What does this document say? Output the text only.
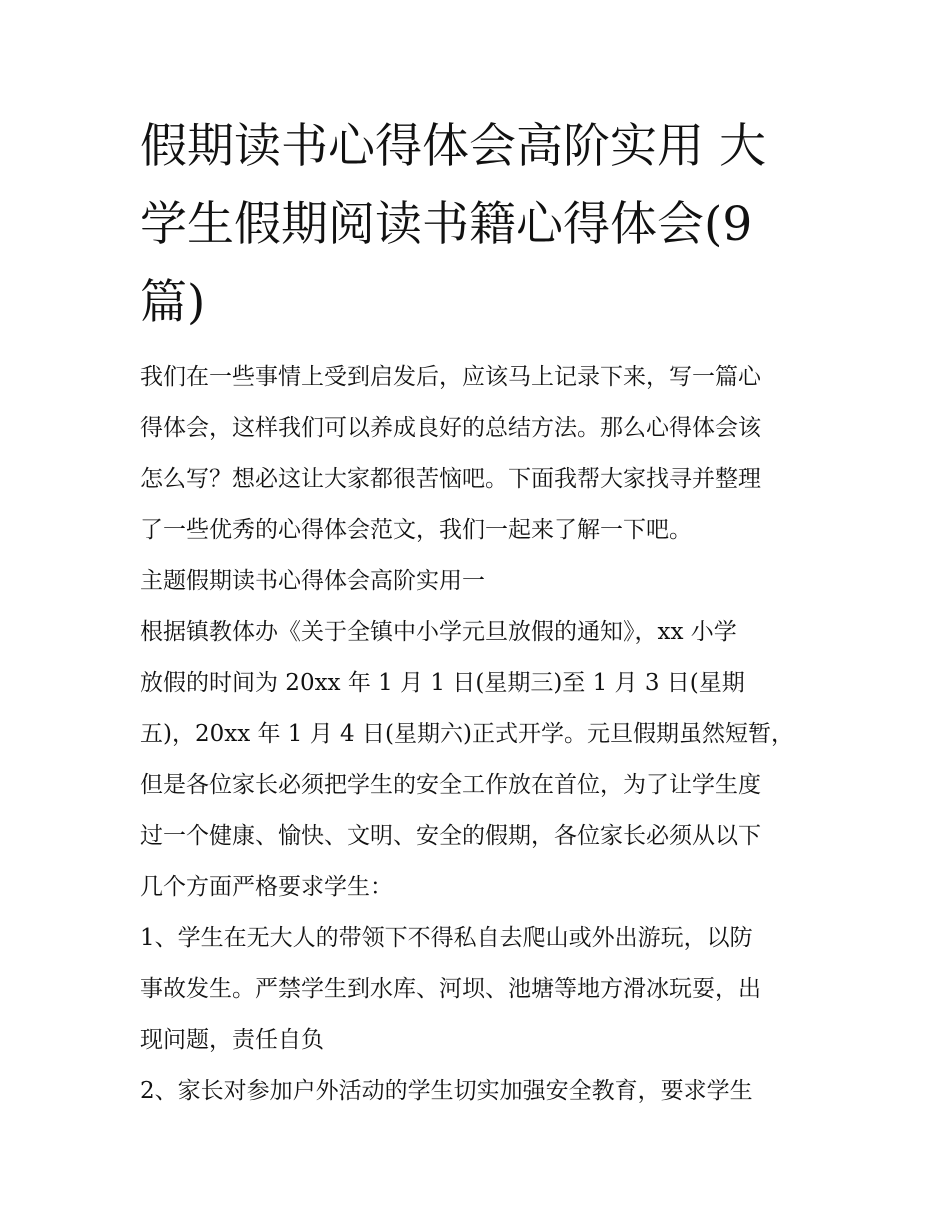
假期读书心得体会高阶实用 大
学生假期阅读书籍心得体会(9
篇)

我们在一些事情上受到启发后，应该马上记录下来，写一篇心
得体会，这样我们可以养成良好的总结方法。那么心得体会该
怎么写？想必这让大家都很苦恼吧。下面我帮大家找寻并整理
了一些优秀的心得体会范文，我们一起来了解一下吧。

主题假期读书心得体会高阶实用一

根据镇教体办《关于全镇中小学元旦放假的通知》，xx 小学
放假的时间为 20xx 年 1 月 1 日(星期三)至 1 月 3 日(星期
五)，20xx 年 1 月 4 日(星期六)正式开学。元旦假期虽然短暂，
但是各位家长必须把学生的安全工作放在首位，为了让学生度
过一个健康、愉快、文明、安全的假期，各位家长必须从以下
几个方面严格要求学生：

1、学生在无大人的带领下不得私自去爬山或外出游玩，以防
事故发生。严禁学生到水库、河坝、池塘等地方滑冰玩耍，出
现问题，责任自负

2、家长对参加户外活动的学生切实加强安全教育，要求学生
